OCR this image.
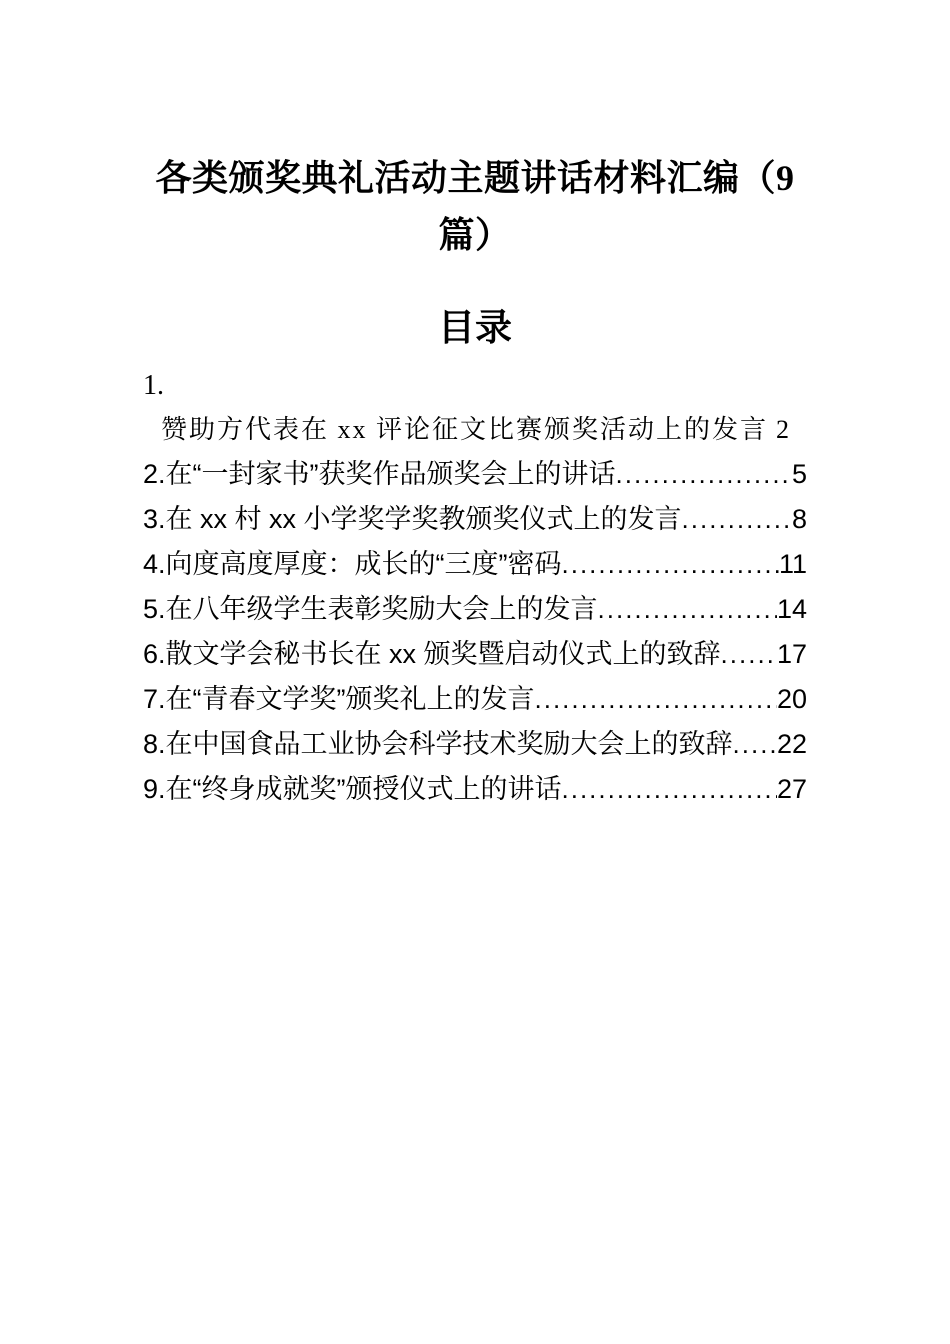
各类颁奖典礼活动主题讲话材料汇编（9篇）
目录
1.
赞助方代表在 xx 评论征文比赛颁奖活动上的发言 2
2. 在“一封家书”获奖作品颁奖会上的讲话 .....	5
3. 在 xx 村 xx 小学奖学奖教颁奖仪式上的发言 .....	8
4. 向度高度厚度：成长的“三度”密码 .....	11
5. 在八年级学生表彰奖励大会上的发言 .....	14
6. 散文学会秘书长在 xx 颁奖暨启动仪式上的致辞 ..... 17
7. 在“青春文学奖”颁奖礼上的发言 .....	20
8. 在中国食品工业协会科学技术奖励大会上的致辞 ..... 22
9. 在“终身成就奖”颁授仪式上的讲话 .....	27
